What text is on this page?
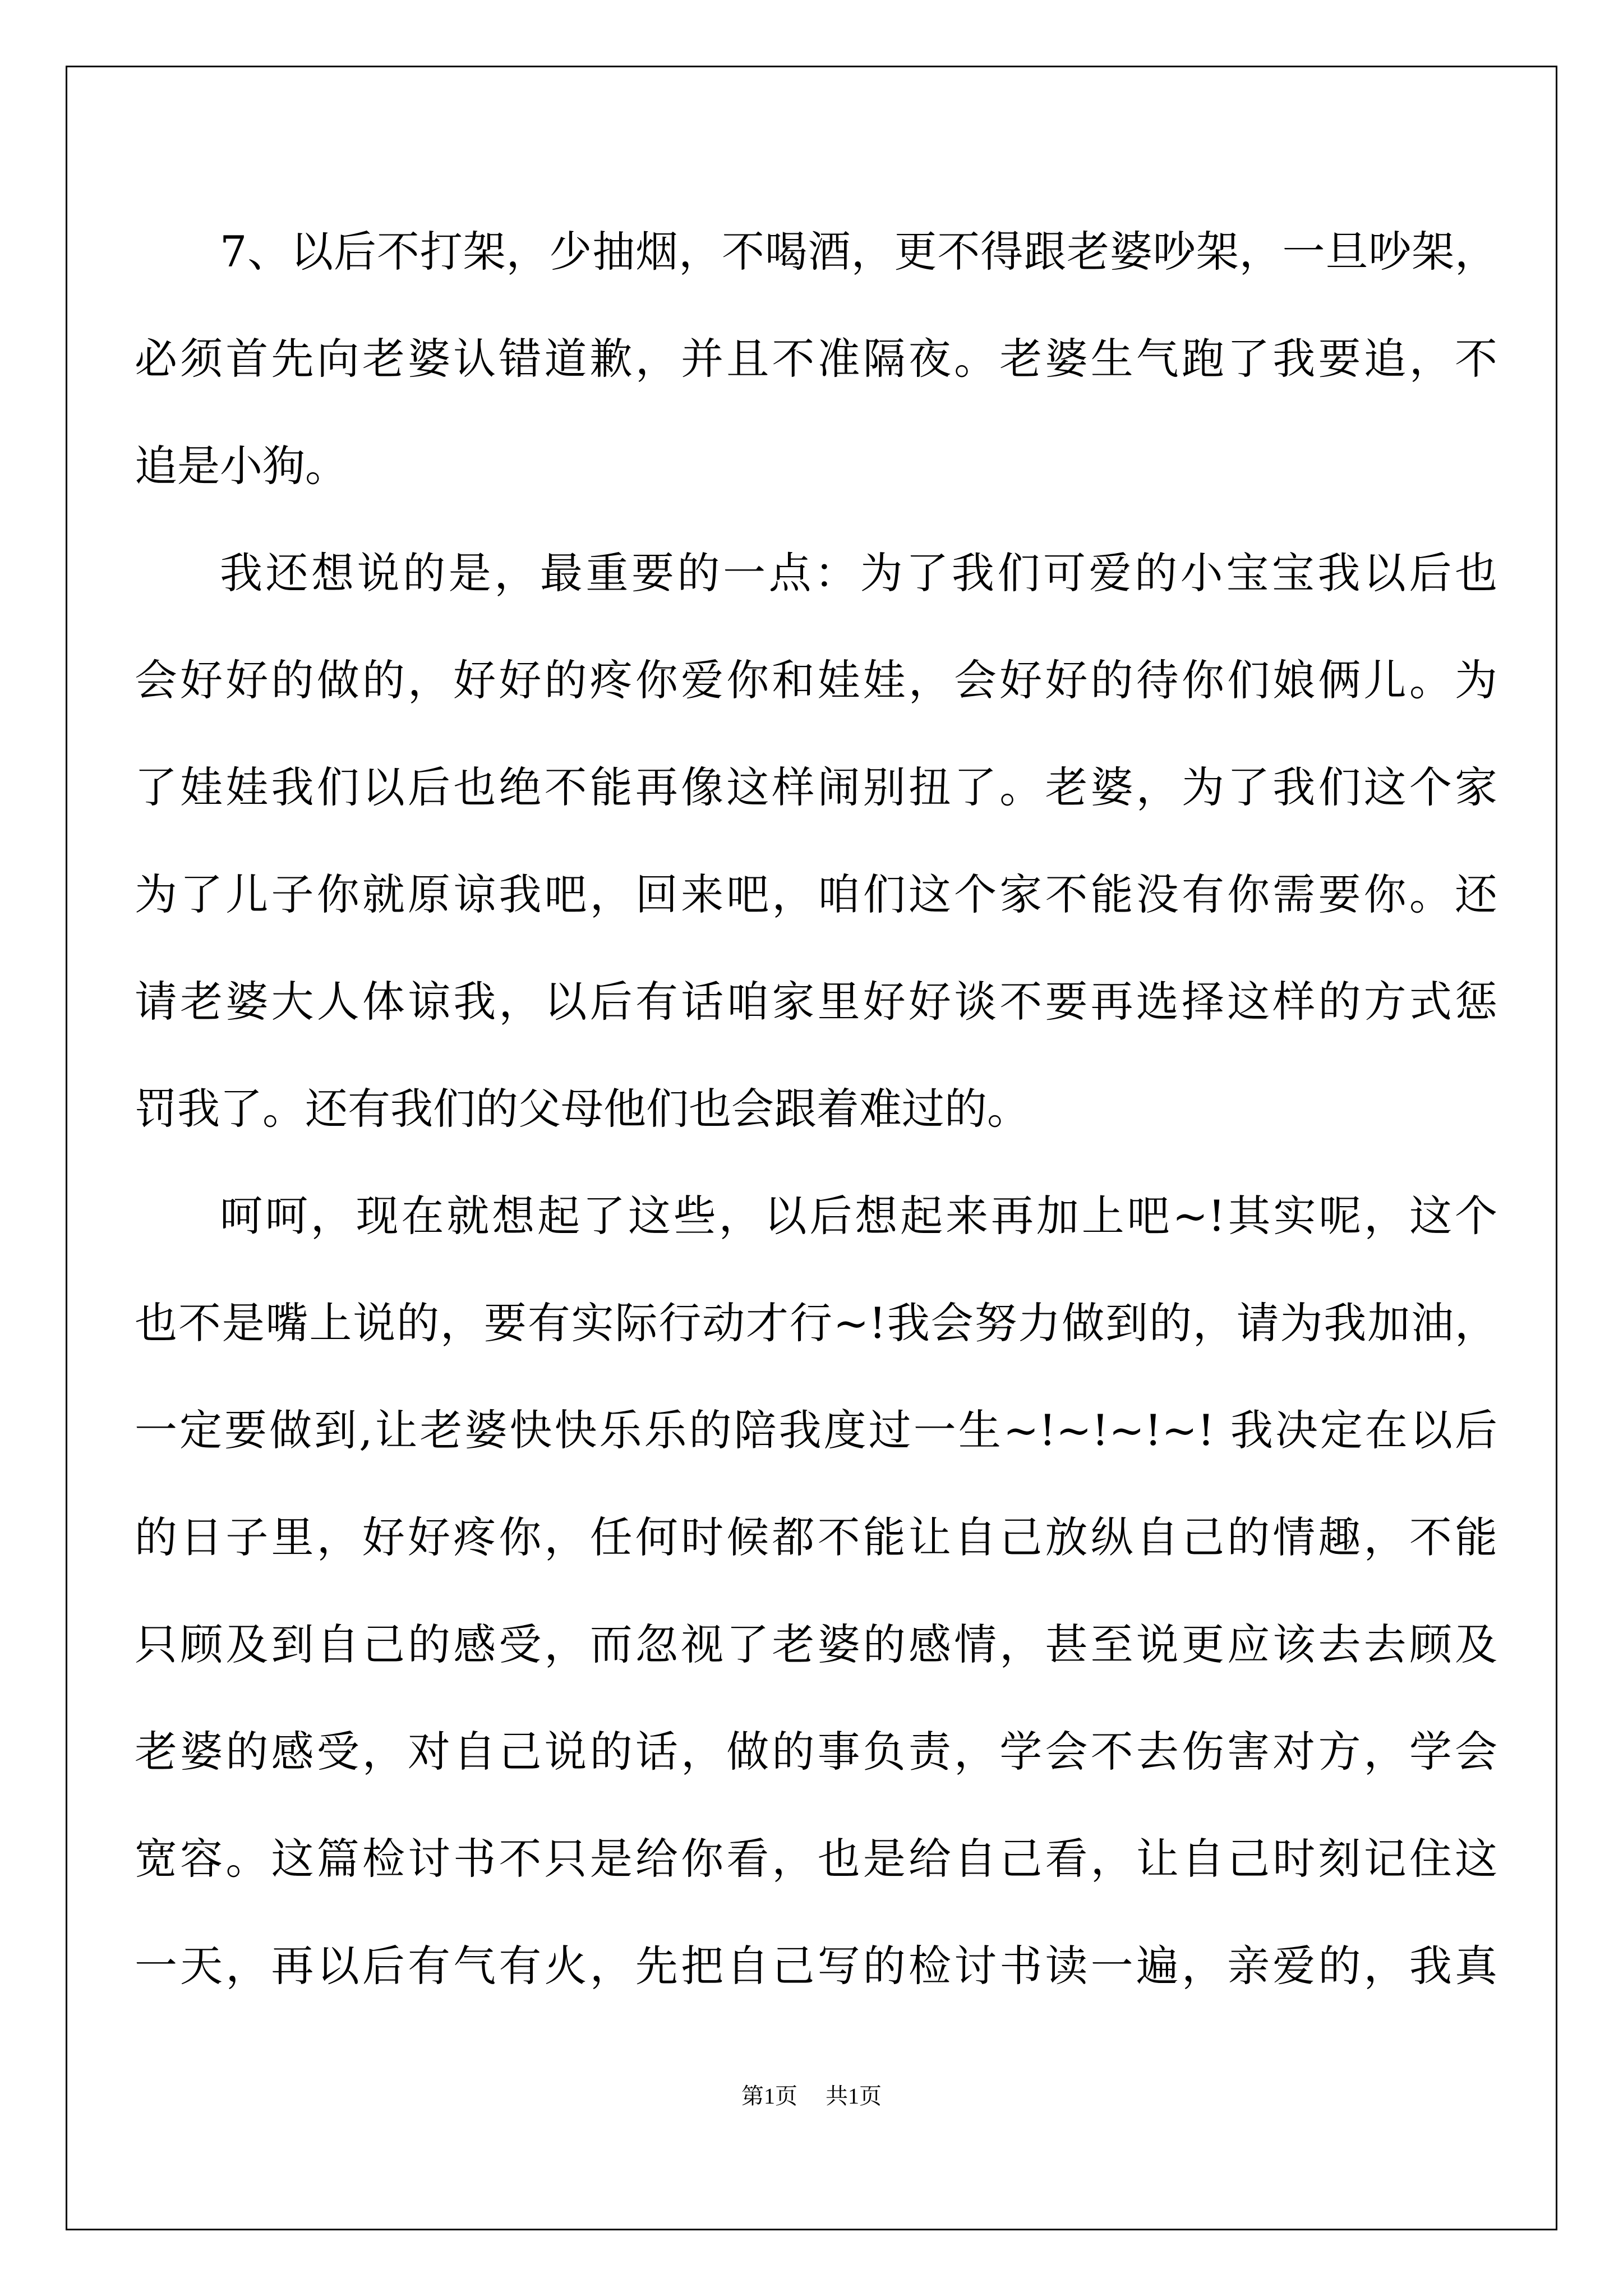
7、以后不打架，少抽烟，不喝酒，更不得跟老婆吵架，一旦吵架，
必须首先向老婆认错道歉，并且不准隔夜。老婆生气跑了我要追，不
追是小狗。
我还想说的是，最重要的一点：为了我们可爱的小宝宝我以后也
会好好的做的，好好的疼你爱你和娃娃，会好好的待你们娘俩儿。为
了娃娃我们以后也绝不能再像这样闹别扭了。老婆，为了我们这个家
为了儿子你就原谅我吧，回来吧，咱们这个家不能没有你需要你。还
请老婆大人体谅我，以后有话咱家里好好谈不要再选择这样的方式惩
罚我了。还有我们的父母他们也会跟着难过的。
呵呵，现在就想起了这些，以后想起来再加上吧~!其实呢，这个
也不是嘴上说的，要有实际行动才行~!我会努力做到的，请为我加油，
一定要做到,让老婆快快乐乐的陪我度过一生~!~!~!~! 我决定在以后
的日子里，好好疼你，任何时候都不能让自己放纵自己的情趣，不能
只顾及到自己的感受，而忽视了老婆的感情，甚至说更应该去去顾及
老婆的感受，对自己说的话，做的事负责，学会不去伤害对方，学会
宽容。这篇检讨书不只是给你看，也是给自己看，让自己时刻记住这
一天，再以后有气有火，先把自己写的检讨书读一遍，亲爱的，我真
第1页 共1页
